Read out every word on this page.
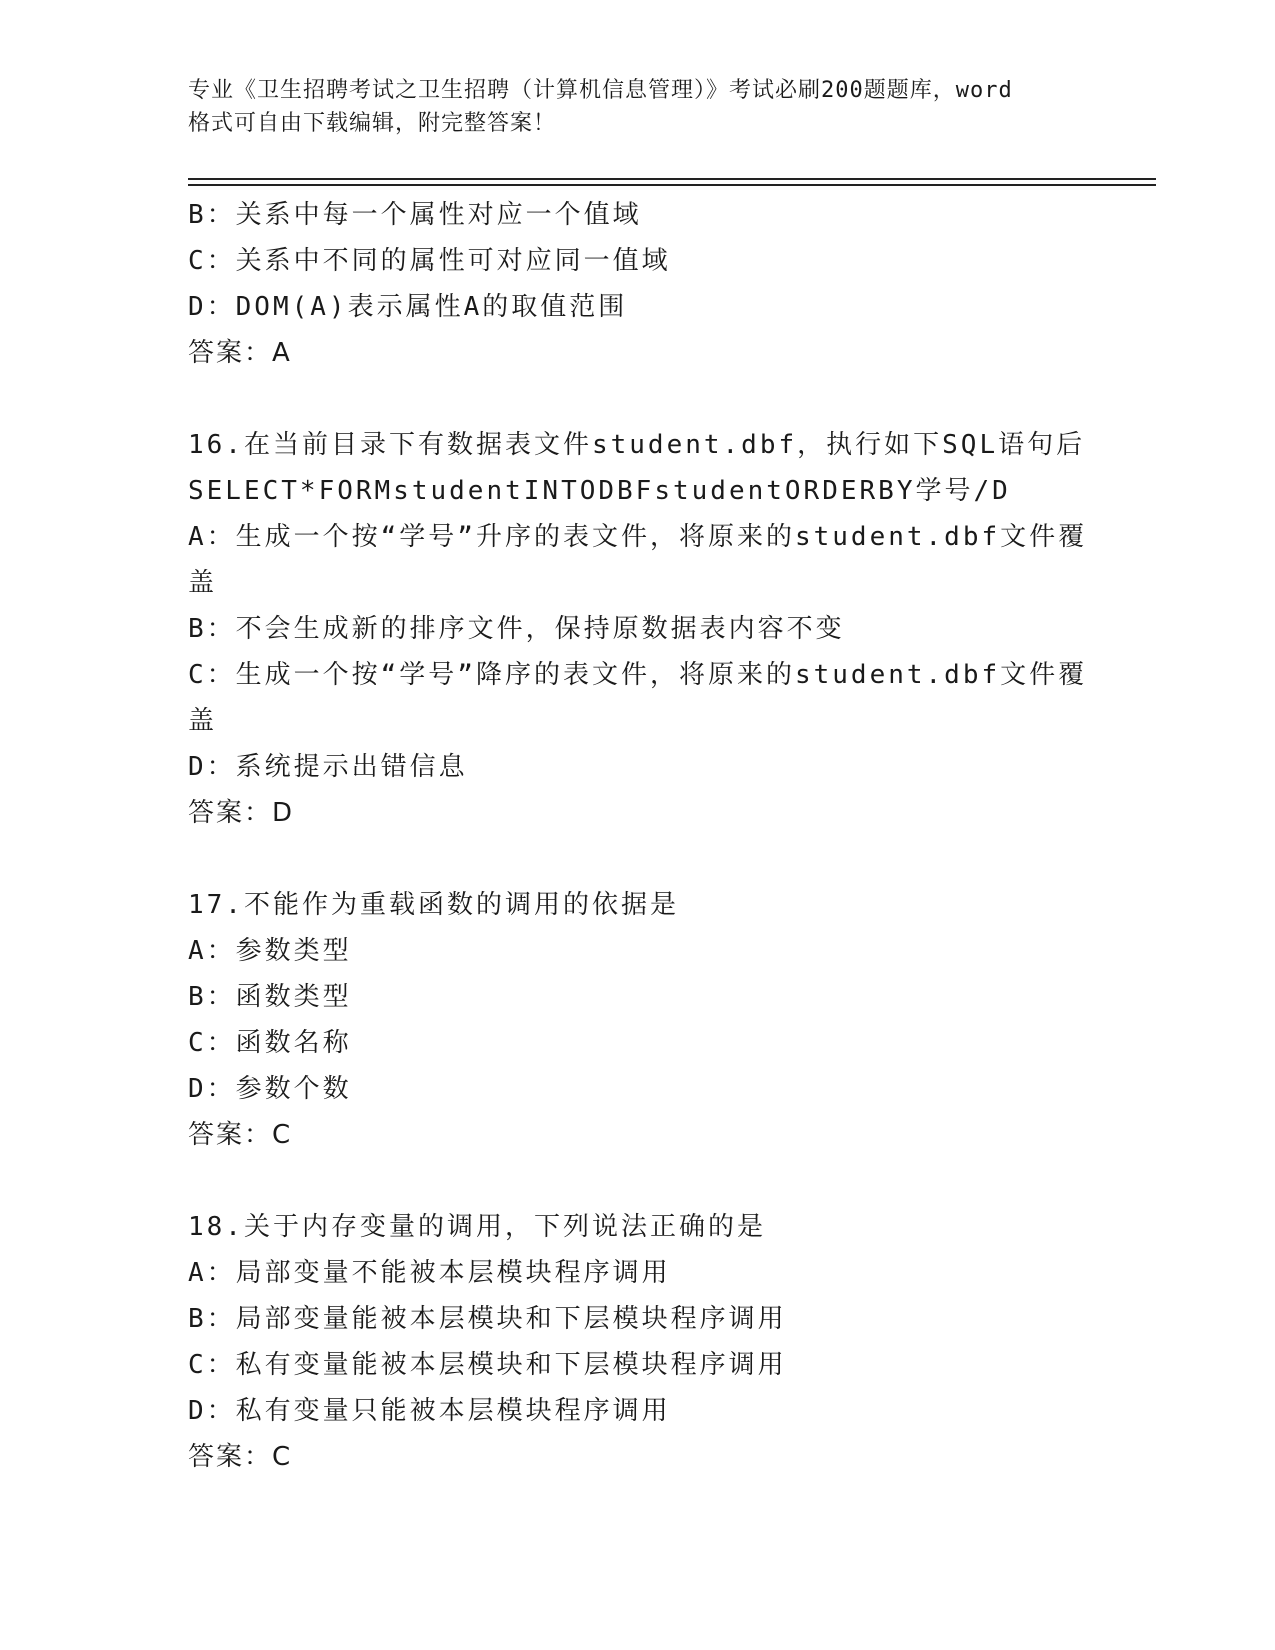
专业《卫生招聘考试之卫生招聘（计算机信息管理）》考试必刷200题题库，word
格式可自由下载编辑，附完整答案！
B：关系中每一个属性对应一个值域
C：关系中不同的属性可对应同一值域
D：DOM(A)表示属性A的取值范围
答案：A
16.在当前目录下有数据表文件student.dbf，执行如下SQL语句后
SELECT*FORMstudentINTODBFstudentORDERBY学号/D
A：生成一个按“学号”升序的表文件，将原来的student.dbf文件覆
盖
B：不会生成新的排序文件，保持原数据表内容不变
C：生成一个按“学号”降序的表文件，将原来的student.dbf文件覆
盖
D：系统提示出错信息
答案：D
17.不能作为重载函数的调用的依据是
A：参数类型
B：函数类型
C：函数名称
D：参数个数
答案：C
18.关于内存变量的调用，下列说法正确的是
A：局部变量不能被本层模块程序调用
B：局部变量能被本层模块和下层模块程序调用
C：私有变量能被本层模块和下层模块程序调用
D：私有变量只能被本层模块程序调用
答案：C
